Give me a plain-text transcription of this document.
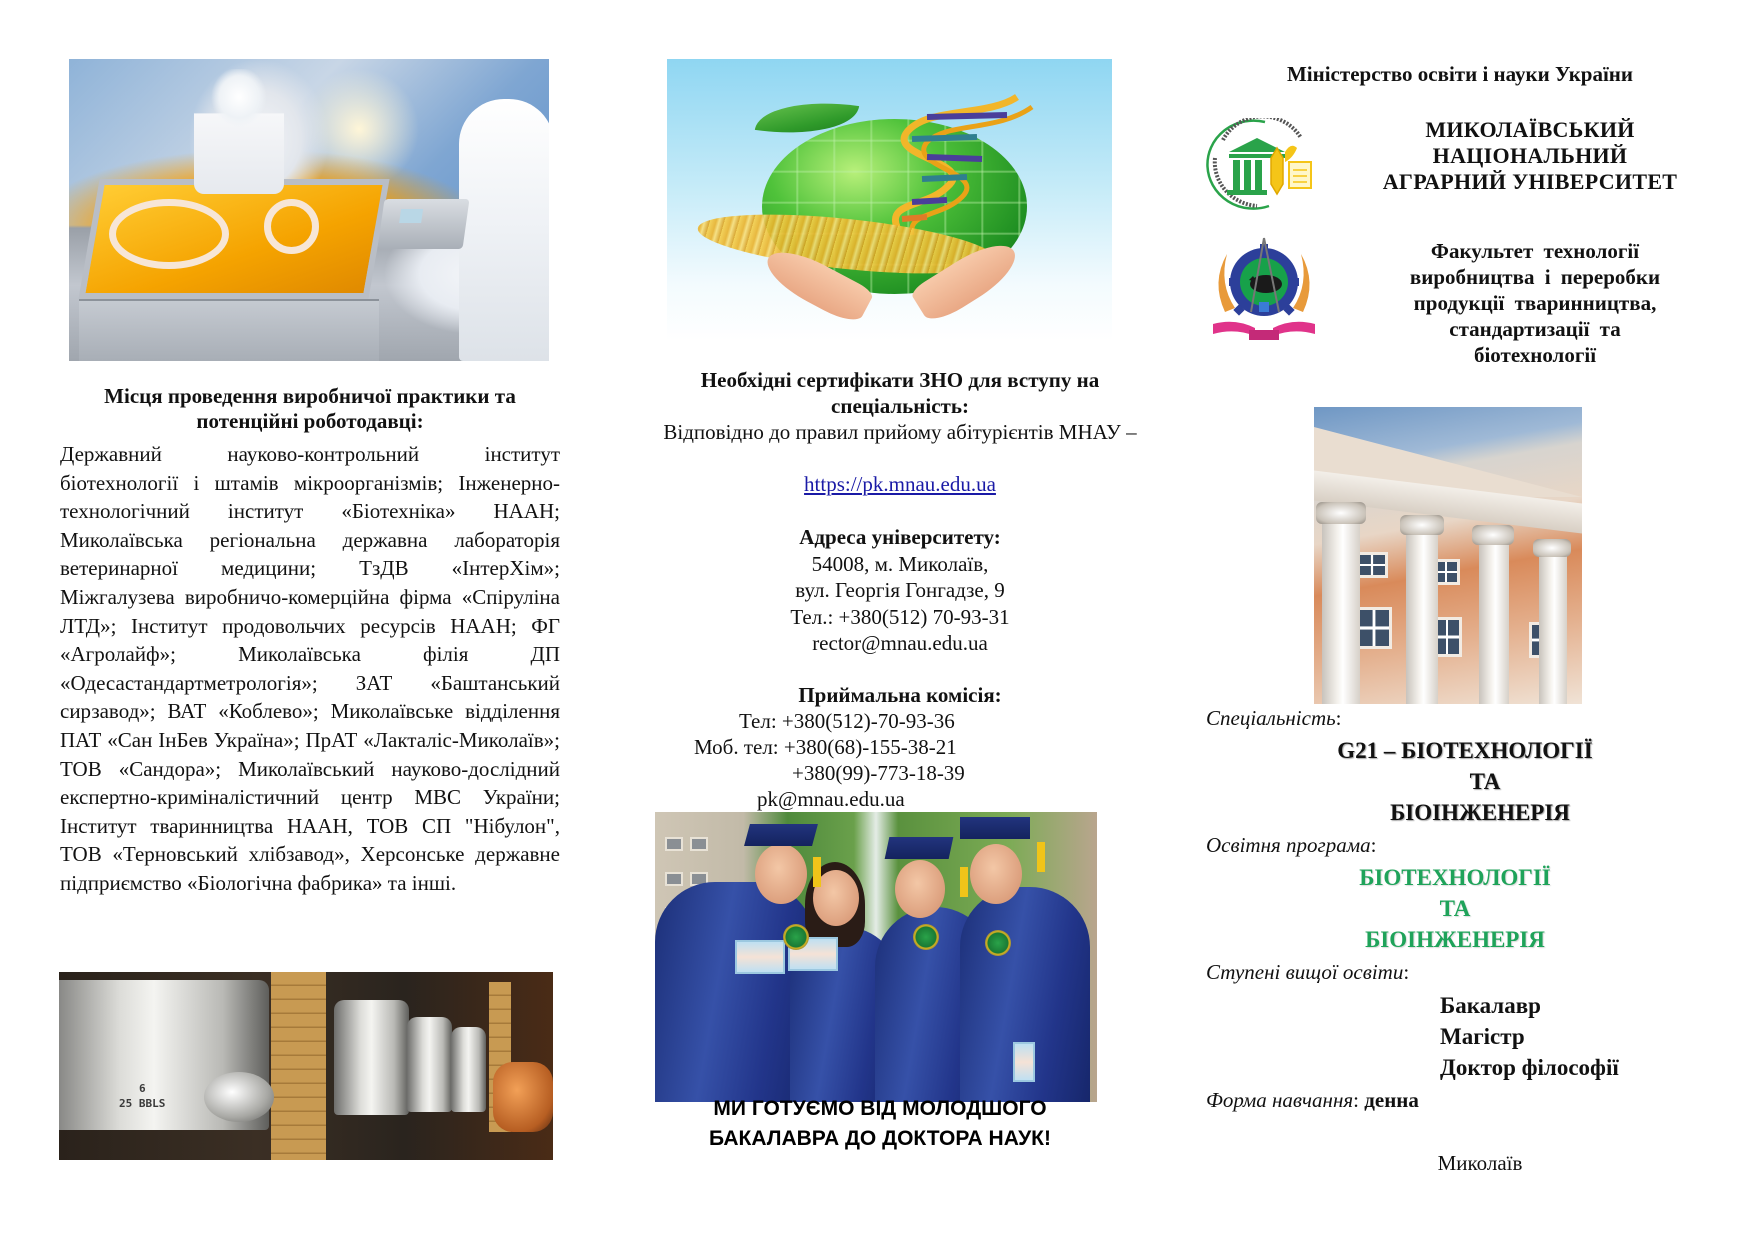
Місця проведення виробничої практики та потенційні роботодавці:
Державний науково-контрольний інститут біотехнології і штамів мікроорганізмів; Інженерно-технологічний інститут «Біотехніка» НААН; Миколаївська регіональна державна лабораторія ветеринарної медицини; ТзДВ «ІнтерХім»; Міжгалузева виробничо-комерційна фірма «Спіруліна ЛТД»; Інститут продовольчих ресурсів НААН; ФГ «Агролайф»; Миколаївська філія ДП «Одесастандартметрологія»; ЗАТ «Баштанський сирзавод»; ВАТ «Коблево»; Миколаївське відділення ПАТ «Сан ІнБев Україна»; ПрАТ «Лакталіс-Миколаїв»; ТОВ «Сандора»; Миколаївський науково-дослідний експертно-криміналістичний центр МВС України; Інститут тваринництва НААН, ТОВ СП "Нібулон", ТОВ «Терновський хлібзавод», Херсонське державне підприємство «Біологічна фабрика» та інші.
6
25 BBLS
Необхідні сертифікати ЗНО для вступу на спеціальність:
Відповідно до правил прийому абітурієнтів МНАУ –
https://pk.mnau.edu.ua
Адреса університету:
54008, м. Миколаїв,
вул. Георгія Гонгадзе, 9
Тел.: +380(512) 70-93-31
rector@mnau.edu.ua
Приймальна комісія:
Тел: +380(512)-70-93-36
Моб. тел: +380(68)-155-38-21
+380(99)-773-18-39
pk@mnau.edu.ua
МИ ГОТУЄМО ВІД МОЛОДШОГО
БАКАЛАВРА ДО ДОКТОРА НАУК!
Міністерство освіти і науки України
МИКОЛАЇВСЬКИЙ
НАЦІОНАЛЬНИЙ
АГРАРНИЙ УНІВЕРСИТЕТ
Факультет технології
виробництва і переробки
продукції тваринництва,
стандартизації та
біотехнології
Спеціальність:
G21 – БІОТЕХНОЛОГІЇ
ТА
БІОІНЖЕНЕРІЯ
Освітня програма:
БІОТЕХНОЛОГІЇ
ТА
БІОІНЖЕНЕРІЯ
Ступені вищої освіти:
Бакалавр
Магістр
Доктор філософії
Форма навчання: денна
Миколаїв
